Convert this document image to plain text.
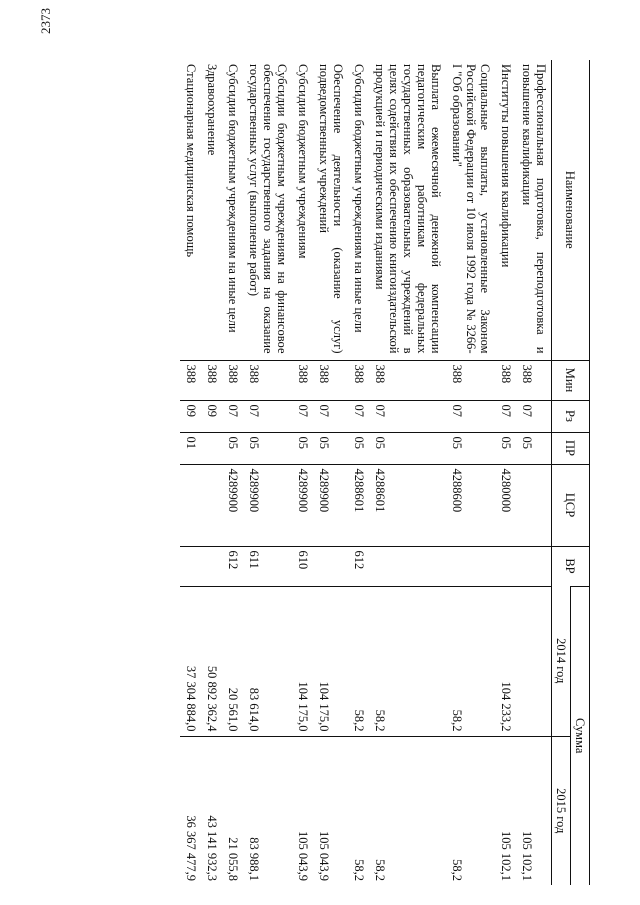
2373
Наименование	Мин	Рз	ПР	ЦСР	ВР	Сумма	
						2014 год	2015 год
Профессиональная подготовка, переподготовка и повышение квалификации	388	07	05				105 102,1
Институты повышения квалификации	388	07	05	4280000		104 233,2	105 102,1
Социальные выплаты, установленные Законом Российской Федерации от 10 июля 1992 года № 3266-I "Об образовании"	388	07	05	4288600		58,2	58,2
Выплата ежемесячной денежной компенсации педагогическим работникам федеральных государственных образовательных учреждений в целях содействия их обеспечению книгоиздательской продукцией и периодическими изданиями	388	07	05	4288601		58,2	58,2
Субсидии бюджетным учреждениям на иные цели	388	07	05	4288601	612	58,2	58,2
Обеспечение деятельности (оказание услуг) подведомственных учреждений	388	07	05	4289900		104 175,0	105 043,9
Субсидии бюджетным учреждениям	388	07	05	4289900	610	104 175,0	105 043,9
Субсидии бюджетным учреждениям на финансовое обеспечение государственного задания на оказание государственных услуг (выполнение работ)	388	07	05	4289900	611	83 614,0	83 988,1
Субсидии бюджетным учреждениям на иные цели	388	07	05	4289900	612	20 561,0	21 055,8
Здравоохранение	388	09				50 892 362,4	43 141 932,3
Стационарная медицинская помощь	388	09	01			37 304 884,0	36 367 477,9
